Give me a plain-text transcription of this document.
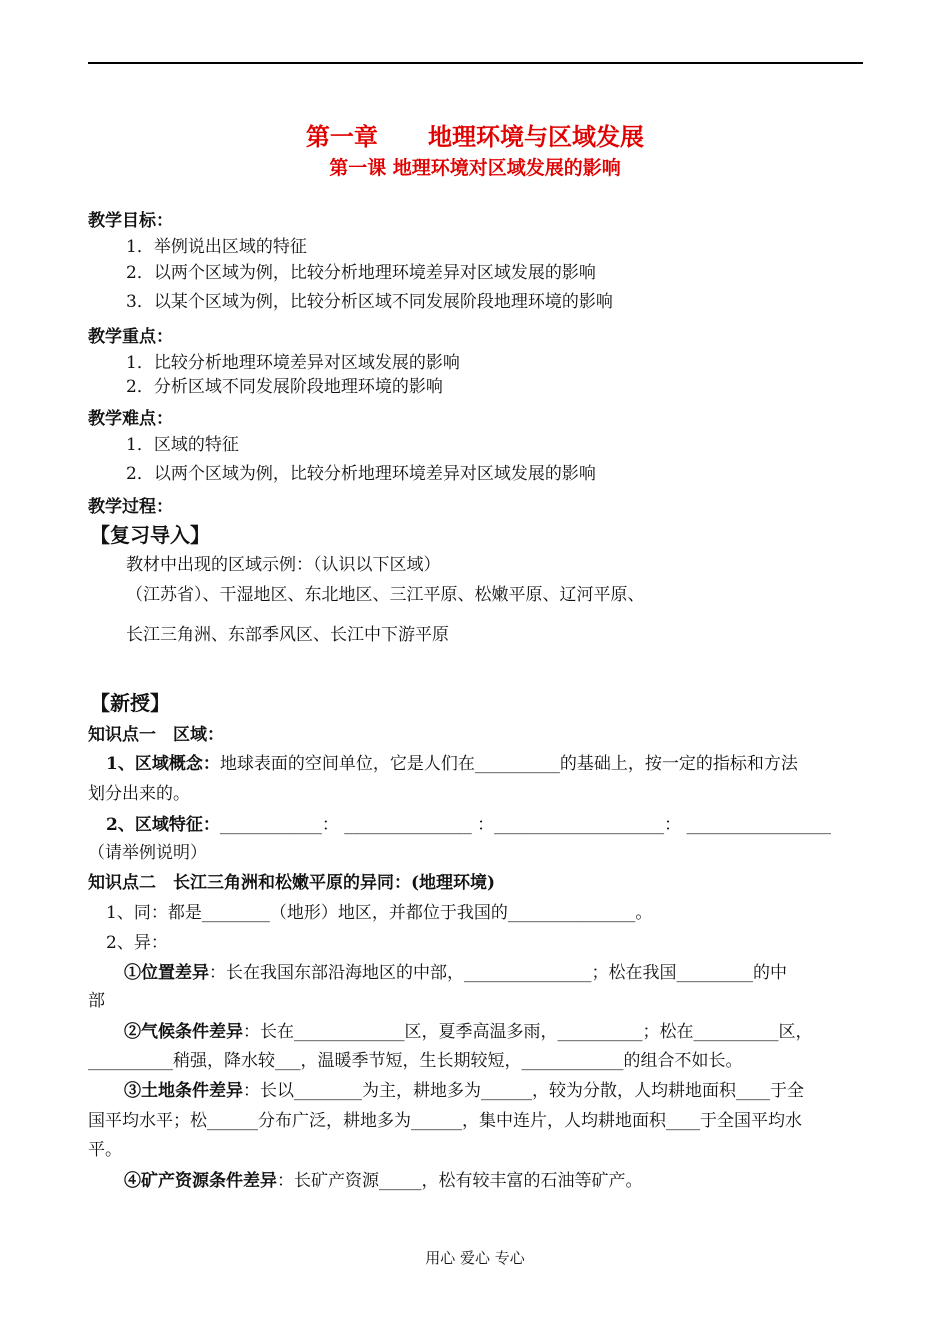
第一章      地理环境与区域发展
第一课 地理环境对区域发展的影响
教学目标：
1．举例说出区域的特征
2．以两个区域为例，比较分析地理环境差异对区域发展的影响
3．以某个区域为例，比较分析区域不同发展阶段地理环境的影响
教学重点：
1．比较分析地理环境差异对区域发展的影响
2．分析区域不同发展阶段地理环境的影响
教学难点：
1．区域的特征
2．以两个区域为例，比较分析地理环境差异对区域发展的影响
教学过程：
【复习导入】
教材中出现的区域示例：（认识以下区域）
（江苏省）、干湿地区、东北地区、三江平原、松嫩平原、辽河平原、
长江三角洲、东部季风区、长江中下游平原
【新授】
知识点一　区域：
1、区域概念：地球表面的空间单位，它是人们在__________的基础上，按一定的指标和方法
划分出来的。
2、区域特征：____________： _______________ ：____________________： _________________
（请举例说明）
知识点二　长江三角洲和松嫩平原的异同：(地理环境)
1、同：都是________（地形）地区，并都位于我国的_______________。
2、异：
①位置差异：长在我国东部沿海地区的中部，_______________；松在我国_________的中
部
②气候条件差异：长在_____________区，夏季高温多雨，__________；松在__________区，
__________稍强，降水较___，温暖季节短，生长期较短，____________的组合不如长。
③土地条件差异：长以________为主，耕地多为______，较为分散，人均耕地面积____于全
国平均水平；松______分布广泛，耕地多为______，集中连片，人均耕地面积____于全国平均水
平。
④矿产资源条件差异：长矿产资源_____，松有较丰富的石油等矿产。
用心 爱心 专心
